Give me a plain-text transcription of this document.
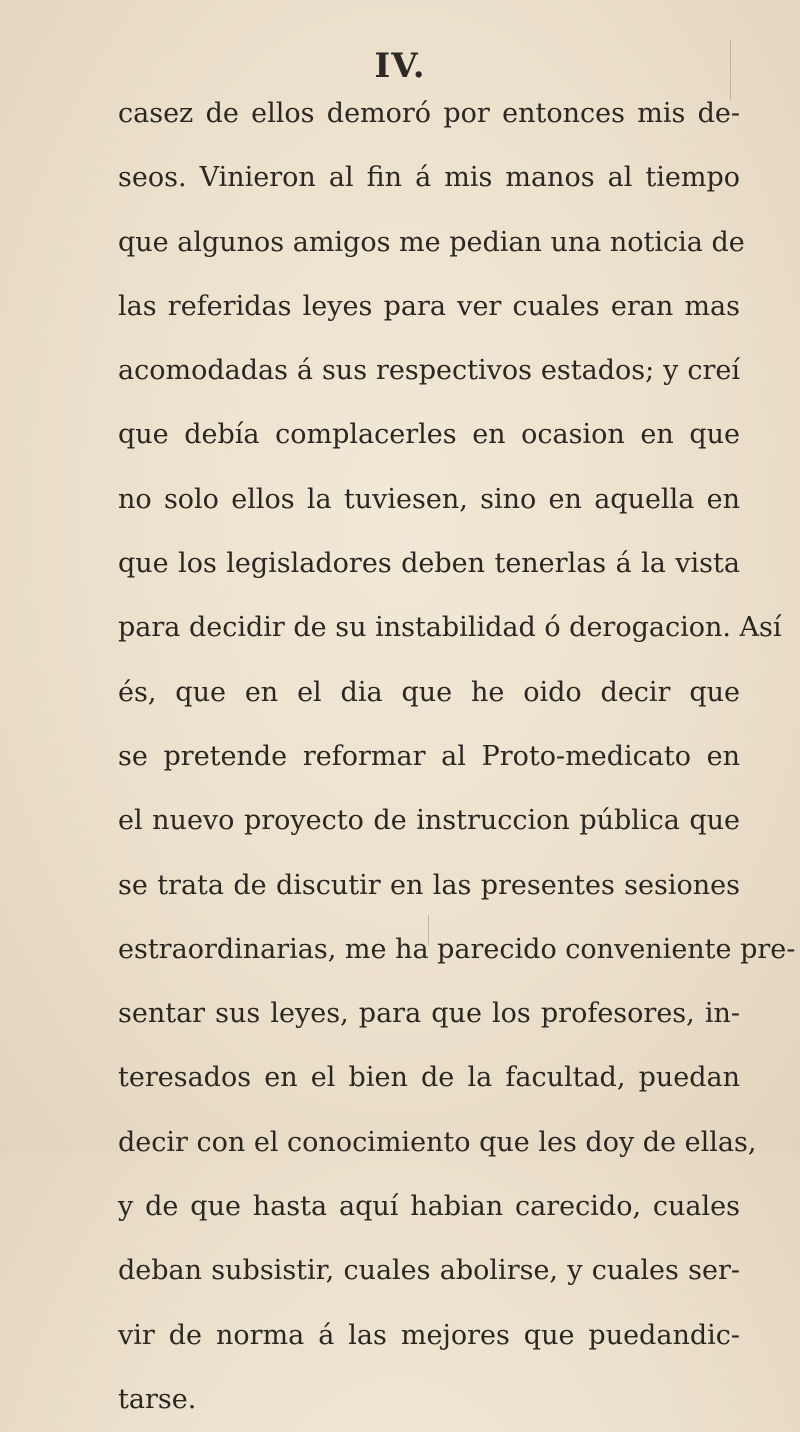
IV.
casez de ellos demoró por entonces mis de-
seos. Vinieron al fin á mis manos al tiempo
que algunos amigos me pedian una noticia de
las referidas leyes para ver cuales eran mas
acomodadas á sus respectivos estados; y creí
que debía complacerles en ocasion en que
no solo ellos la tuviesen, sino en aquella en
que los legisladores deben tenerlas á la vista
para decidir de su instabilidad ó derogacion. Así
és, que en el dia que he oido decir que
se pretende reformar al Proto-medicato en
el nuevo proyecto de instruccion pública que
se trata de discutir en las presentes sesiones
estraordinarias, me ha parecido conveniente pre-
sentar sus leyes, para que los profesores, in-
teresados en el bien de la facultad, puedan
decir con el conocimiento que les doy de ellas,
y de que hasta aquí habian carecido, cuales
deban subsistir, cuales abolirse, y cuales ser-
vir de norma á las mejores que puedandic-
tarse.
